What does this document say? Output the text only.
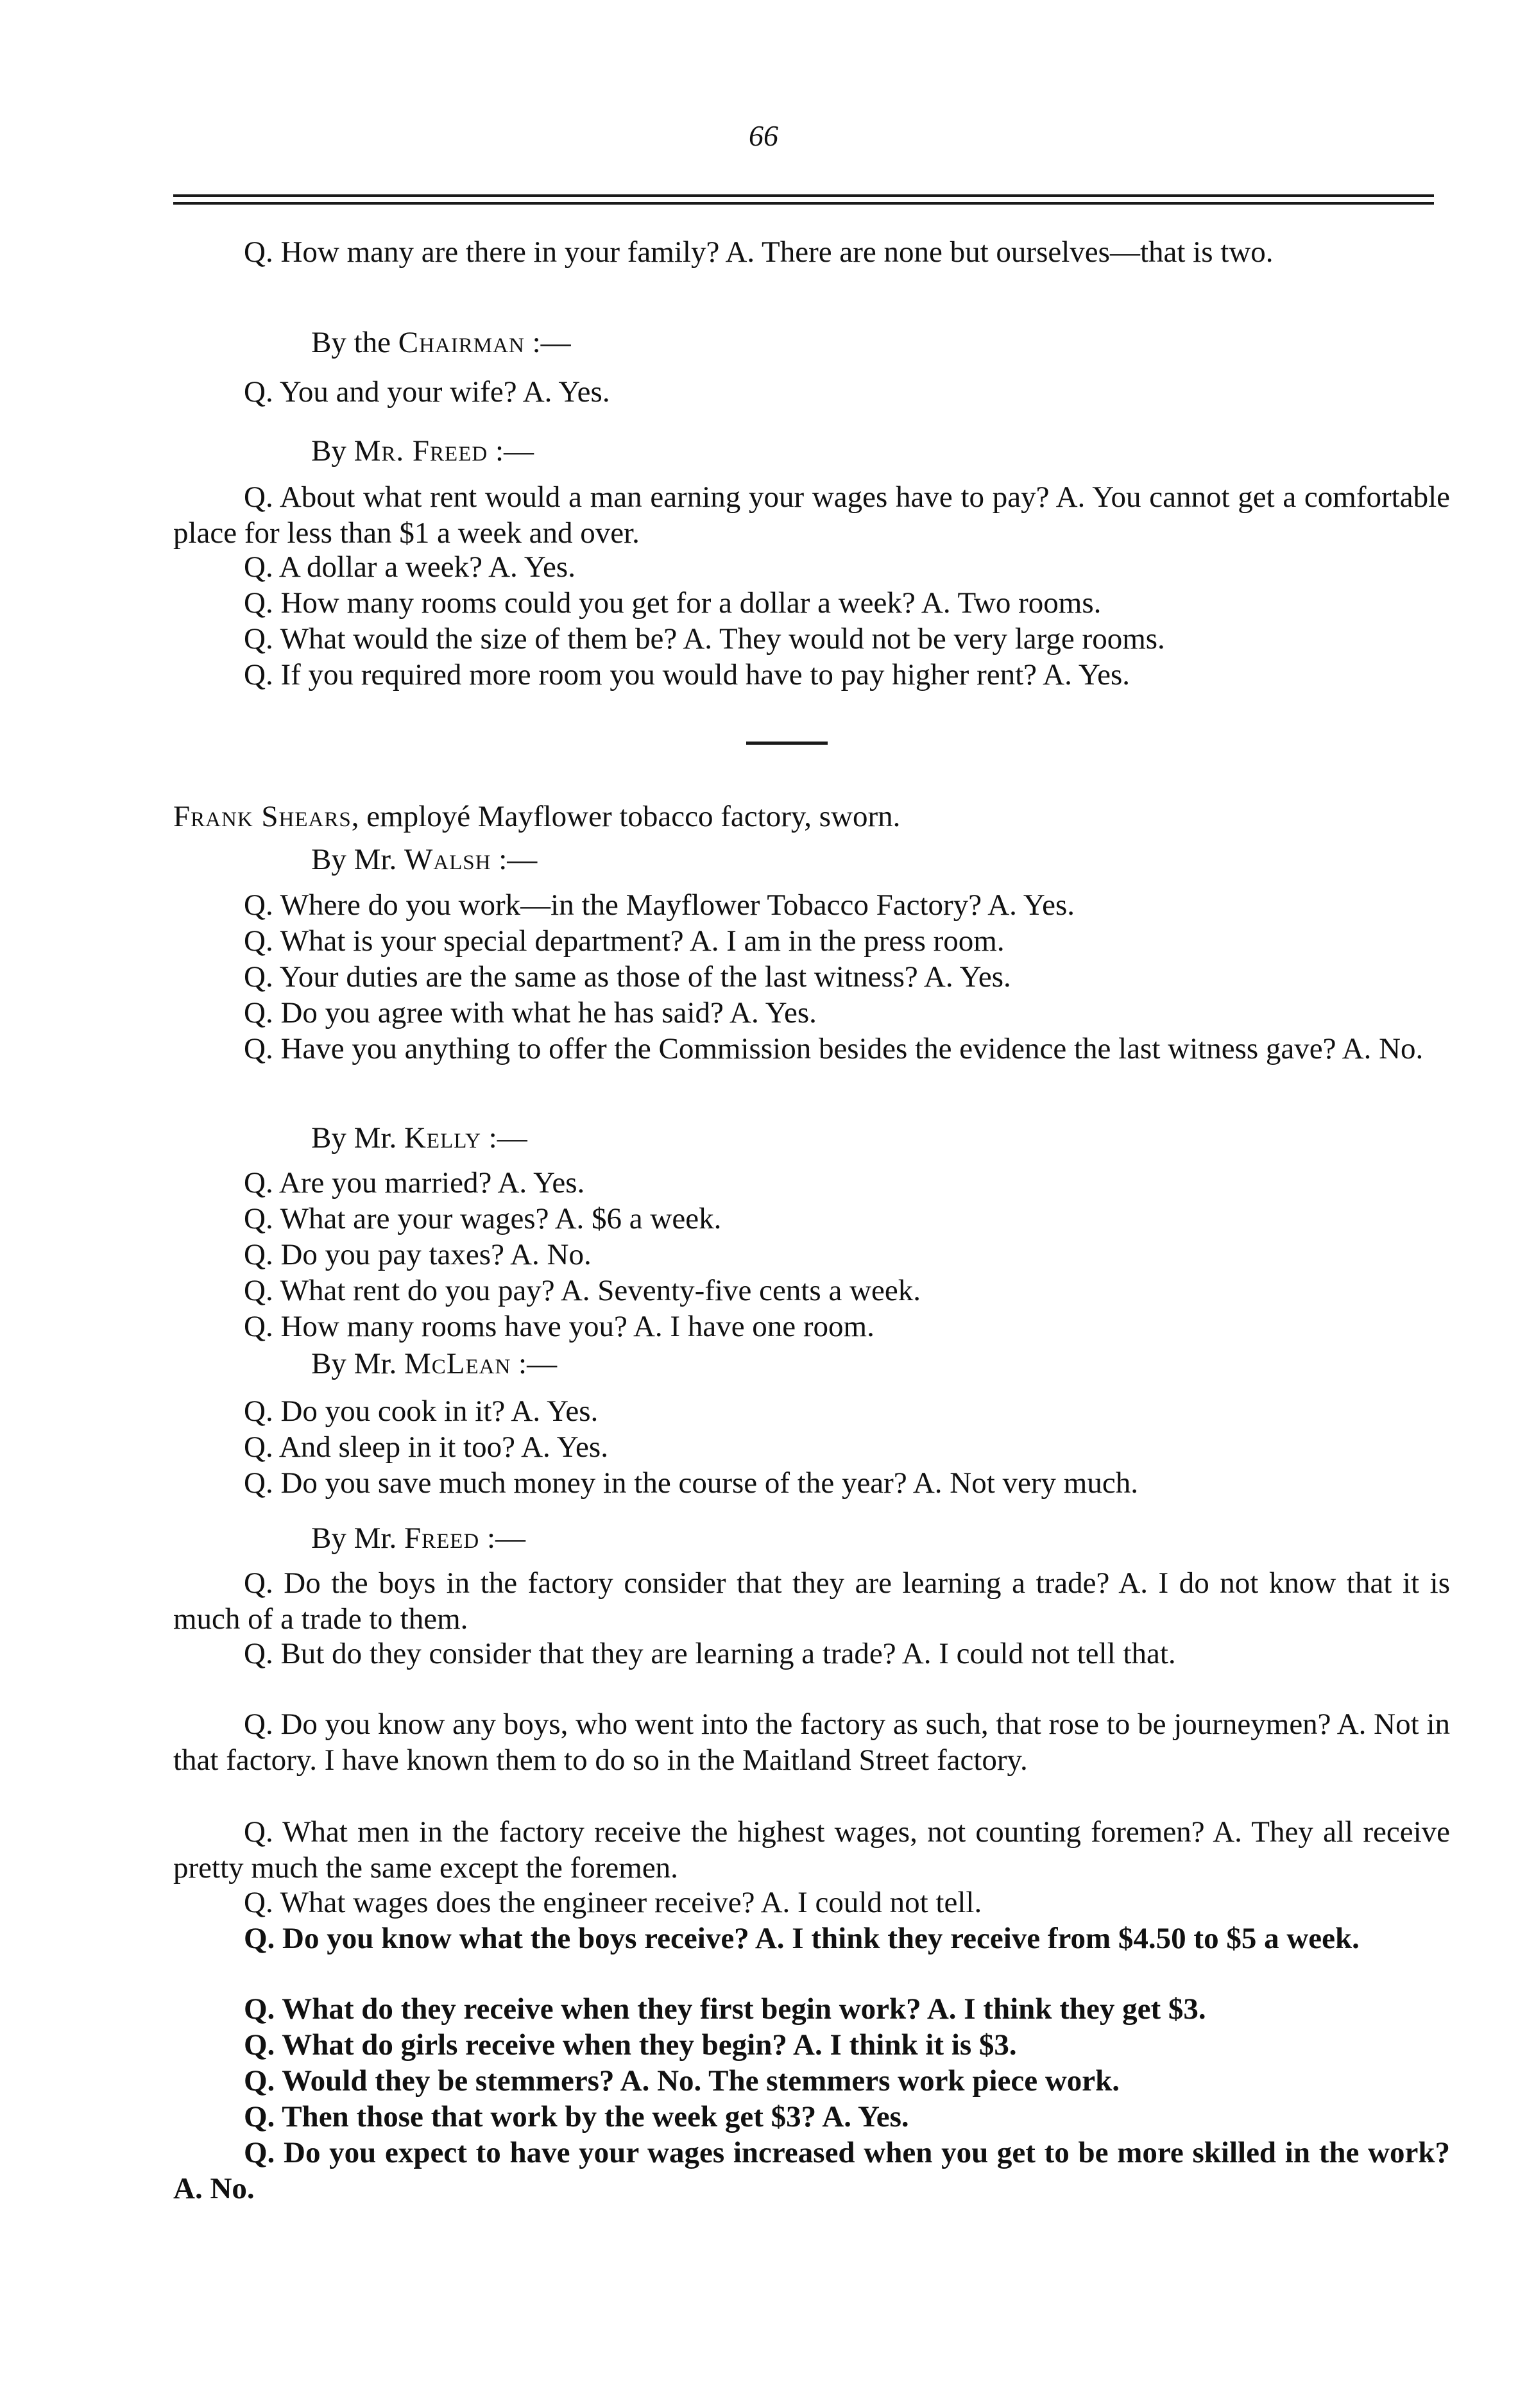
66
Q. How many are there in your family? A. There are none but ourselves—that is two.
By the Chairman :—
Q. You and your wife? A. Yes.
By Mr. Freed :—
Q. About what rent would a man earning your wages have to pay? A. You cannot get a comfortable place for less than $1 a week and over.
Q. A dollar a week? A. Yes.
Q. How many rooms could you get for a dollar a week? A. Two rooms.
Q. What would the size of them be? A. They would not be very large rooms.
Q. If you required more room you would have to pay higher rent? A. Yes.
Frank Shears, employé Mayflower tobacco factory, sworn.
By Mr. Walsh :—
Q. Where do you work—in the Mayflower Tobacco Factory? A. Yes.
Q. What is your special department? A. I am in the press room.
Q. Your duties are the same as those of the last witness? A. Yes.
Q. Do you agree with what he has said? A. Yes.
Q. Have you anything to offer the Commission besides the evidence the last witness gave? A. No.
By Mr. Kelly :—
Q. Are you married? A. Yes.
Q. What are your wages? A. $6 a week.
Q. Do you pay taxes? A. No.
Q. What rent do you pay? A. Seventy-five cents a week.
Q. How many rooms have you? A. I have one room.
By Mr. McLean :—
Q. Do you cook in it? A. Yes.
Q. And sleep in it too? A. Yes.
Q. Do you save much money in the course of the year? A. Not very much.
By Mr. Freed :—
Q. Do the boys in the factory consider that they are learning a trade? A. I do not know that it is much of a trade to them.
Q. But do they consider that they are learning a trade? A. I could not tell that.
Q. Do you know any boys, who went into the factory as such, that rose to be journeymen? A. Not in that factory. I have known them to do so in the Maitland Street factory.
Q. What men in the factory receive the highest wages, not counting foremen? A. They all receive pretty much the same except the foremen.
Q. What wages does the engineer receive? A. I could not tell.
Q. Do you know what the boys receive? A. I think they receive from $4.50 to $5 a week.
Q. What do they receive when they first begin work? A. I think they get $3.
Q. What do girls receive when they begin? A. I think it is $3.
Q. Would they be stemmers? A. No. The stemmers work piece work.
Q. Then those that work by the week get $3? A. Yes.
Q. Do you expect to have your wages increased when you get to be more skilled in the work? A. No.
